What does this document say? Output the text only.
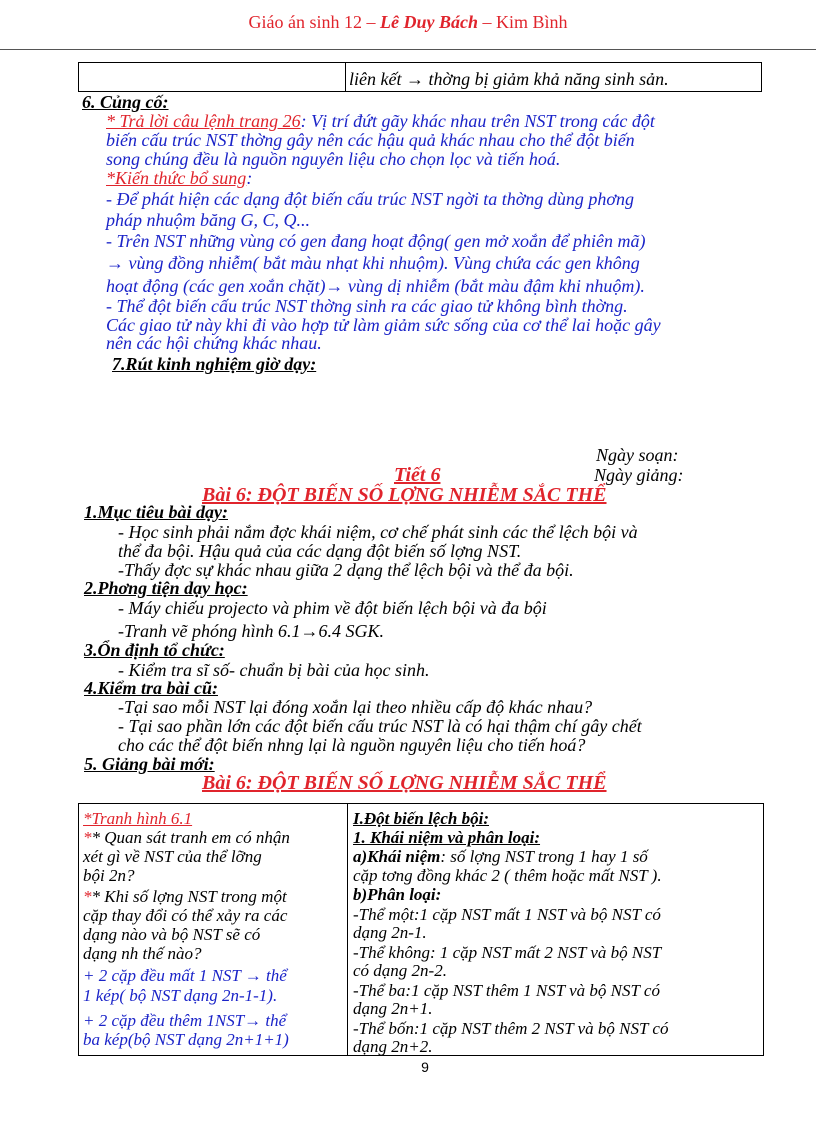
Giáo án sinh 12 – Lê Duy Bách – Kim Bình
liên kết → thờng bị giảm khả năng sinh sản.
6. Củng cố:
* Trả lời câu lệnh trang 26: Vị trí đứt gãy khác nhau trên NST trong các đột
biến cấu trúc NST thờng gây nên các hậu quả khác nhau cho thể đột biến
song chúng đều là nguồn nguyên liệu cho chọn lọc và tiến hoá.
*Kiến thức bổ sung:
- Để phát hiện các dạng đột biến cấu trúc NST ngời ta thờng dùng phơng
pháp nhuộm băng G, C, Q...
- Trên NST những vùng có gen đang hoạt động( gen mở xoắn để phiên mã)
→ vùng đồng nhiễm( bắt màu nhạt khi nhuộm). Vùng chứa các gen không
hoạt động (các gen xoắn chặt)→ vùng dị nhiễm (bắt màu đậm khi nhuộm).
- Thể đột biến cấu trúc NST thờng sinh ra các giao tử không bình thờng.
Các giao tử này khi đi vào hợp tử làm giảm sức sống của cơ thể lai hoặc gây
nên các hội chứng khác nhau.
7.Rút kinh nghiệm giờ dạy:
Ngày soạn:
Ngày giảng:
Tiết 6
Bài 6: ĐỘT BIẾN SỐ LỢNG NHIỄM SẮC THỂ
1.Mục tiêu bài dạy:
- Học sinh phải nắm đợc khái niệm, cơ chế phát sinh các thể lệch bội và
thể đa bội. Hậu quả của các dạng đột biến số lợng NST.
-Thấy đợc sự khác nhau giữa 2 dạng thể lệch bội và thể đa bội.
2.Phơng tiện dạy học:
- Máy chiếu projecto và phim về đột biến lệch bội và đa bội
-Tranh vẽ phóng hình 6.1→6.4 SGK.
3.Ổn định tổ chức:
- Kiểm tra sĩ số- chuẩn bị bài của học sinh.
4.Kiểm tra bài cũ:
-Tại sao mỗi NST lại đóng xoắn lại theo nhiều cấp độ khác nhau?
- Tại sao phần lớn các đột biến cấu trúc NST là có hại thậm chí gây chết
cho các thể đột biến nhng lại là nguồn nguyên liệu cho tiến hoá?
5. Giảng bài mới:
Bài 6: ĐỘT BIẾN SỐ LỢNG NHIỄM SẮC THỂ
*Tranh hình 6.1
** Quan sát tranh em có nhận
xét gì về NST của thể lỡng
bội 2n?
** Khi số lợng NST trong một
cặp thay đổi có thể xảy ra các
dạng nào và bộ NST sẽ có
dạng nh thế nào?
+ 2 cặp đều mất 1 NST → thể
1 kép( bộ NST dạng 2n-1-1).
+ 2 cặp đều thêm 1NST→ thể
ba kép(bộ NST dạng 2n+1+1)
I.Đột biến lệch bội:
1. Khái niệm và phân loại:
a)Khái niệm: số lợng NST trong 1 hay 1 số
cặp tơng đồng khác 2 ( thêm hoặc mất NST ).
b)Phân loại:
-Thể một:1 cặp NST mất 1 NST và bộ NST có
dạng 2n-1.
-Thể không: 1 cặp NST mất 2 NST và bộ NST
có dạng 2n-2.
-Thể ba:1 cặp NST thêm 1 NST và bộ NST có
dạng 2n+1.
-Thể bốn:1 cặp NST thêm 2 NST và bộ NST có
dạng 2n+2.
9
